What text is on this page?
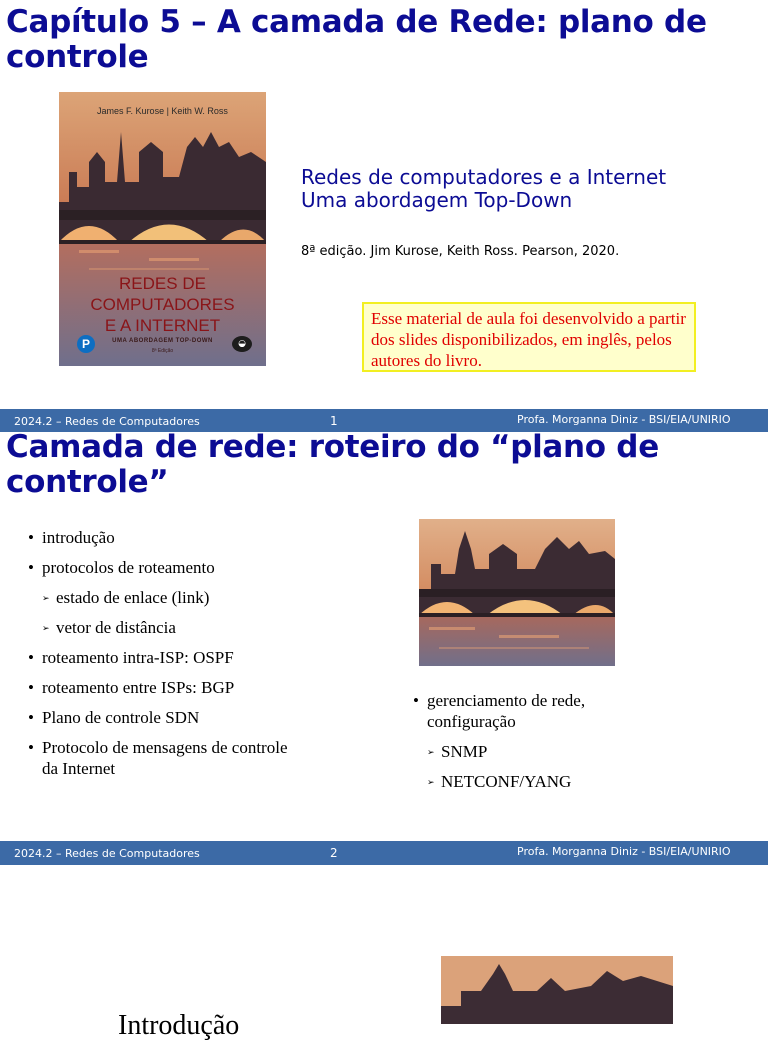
Capítulo 5 – A camada de Rede: plano de
controle
James F. Kurose | Keith W. Ross
REDES DE
COMPUTADORES
E A INTERNET
UMA ABORDAGEM TOP-DOWN
8ª Edição
P	◒
Redes de computadores e a Internet
Uma abordagem Top-Down
8ª edição. Jim Kurose, Keith Ross. Pearson, 2020.
Esse material de aula foi desenvolvido a partir dos slides disponibilizados, em inglês, pelos autores do livro.
2024.2 – Redes de Computadores	1	Profa. Morganna Diniz - BSI/EIA/UNIRIO
Camada de rede: roteiro do “plano de
controle”
• introdução
• protocolos de roteamento
➢ estado de enlace (link)
➢ vetor de distância
• roteamento intra-ISP: OSPF
• roteamento entre ISPs: BGP
• Plano de controle SDN
• Protocolo de mensagens de controle
da Internet
• gerenciamento de rede,
configuração
➢ SNMP
➢ NETCONF/YANG
2024.2 – Redes de Computadores	2	Profa. Morganna Diniz - BSI/EIA/UNIRIO
Introdução
